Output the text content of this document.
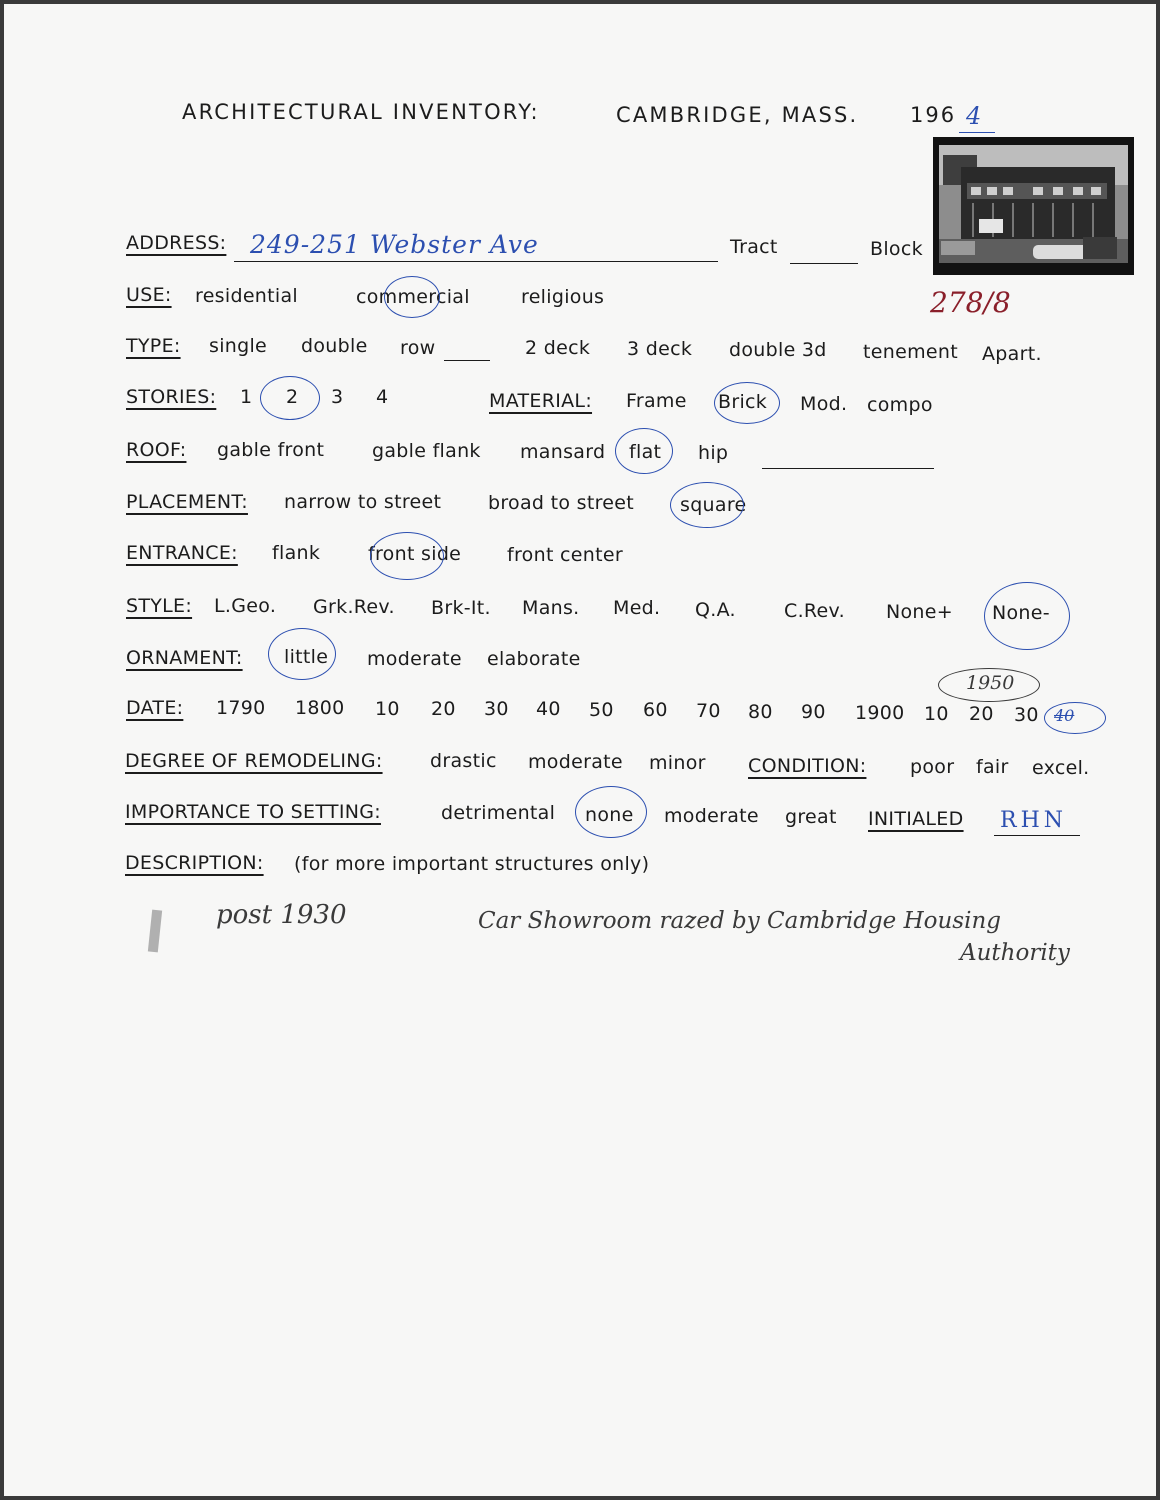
ARCHITECTURAL INVENTORY:	CAMBRIDGE, MASS. 196 4
ADDRESS: 249-251 Webster Ave	Tract	Block
278/8
USE: residential	commercial	religious
TYPE: single double row	2 deck 3 deck double 3d tenement Apart.
STORIES: 1 2 3 4	MATERIAL: Frame Brick Mod. compo
ROOF: gable front	gable flank mansard flat hip
PLACEMENT: narrow to street broad to street square
ENTRANCE: flank	front side front center
STYLE: L.Geo. Grk.Rev. Brk-It. Mans. Med. Q.A.	C.Rev. None+ None-
ORNAMENT: little moderate elaborate
DATE: 1790 1800 10 20 30 40 50 60 70 80 90 1900 10 20 30 40
1950
DEGREE OF REMODELING: drastic moderate minor CONDITION: poor fair excel.
IMPORTANCE TO SETTING:	detrimental none moderate great INITIALED RHN
DESCRIPTION: (for more important structures only)
post 1930	Car Showroom razed by Cambridge Housing
Authority
